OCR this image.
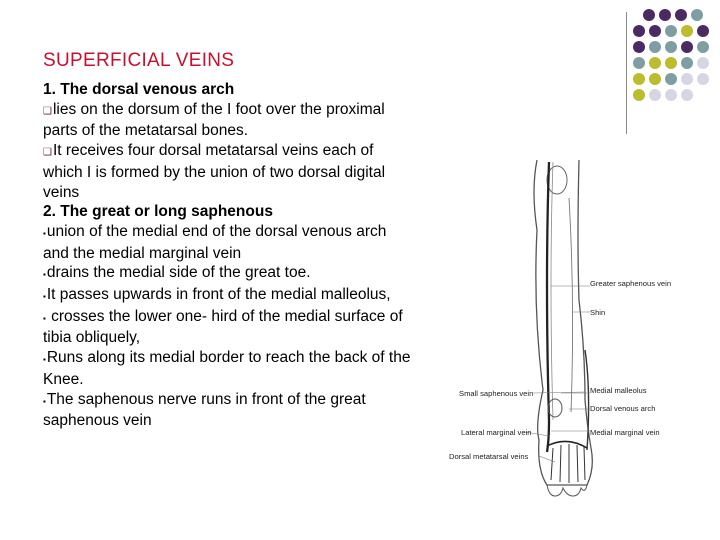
SUPERFICIAL VEINS

1. The dorsal venous arch

❑lies on the dorsum of the I foot over the proximal parts of the metatarsal bones.

❑It receives four dorsal metatarsal veins each of which I is formed by the union of two dorsal digital veins

2. The great or long saphenous

▪union of the medial end of the dorsal venous arch and the medial marginal vein

▪drains the medial side of the great toe.

▪It passes upwards in front of the medial malleolus,

▪ crosses the lower one- hird of the medial surface of tibia obliquely,

▪Runs along its medial border to reach the back of the Knee.

▪The saphenous nerve runs in front of the great saphenous vein

Greater saphenous vein
Shin
Medial malleolus
Dorsal venous arch
Medial marginal vein
Small saphenous vein
Lateral marginal vein
Dorsal metatarsal veins
